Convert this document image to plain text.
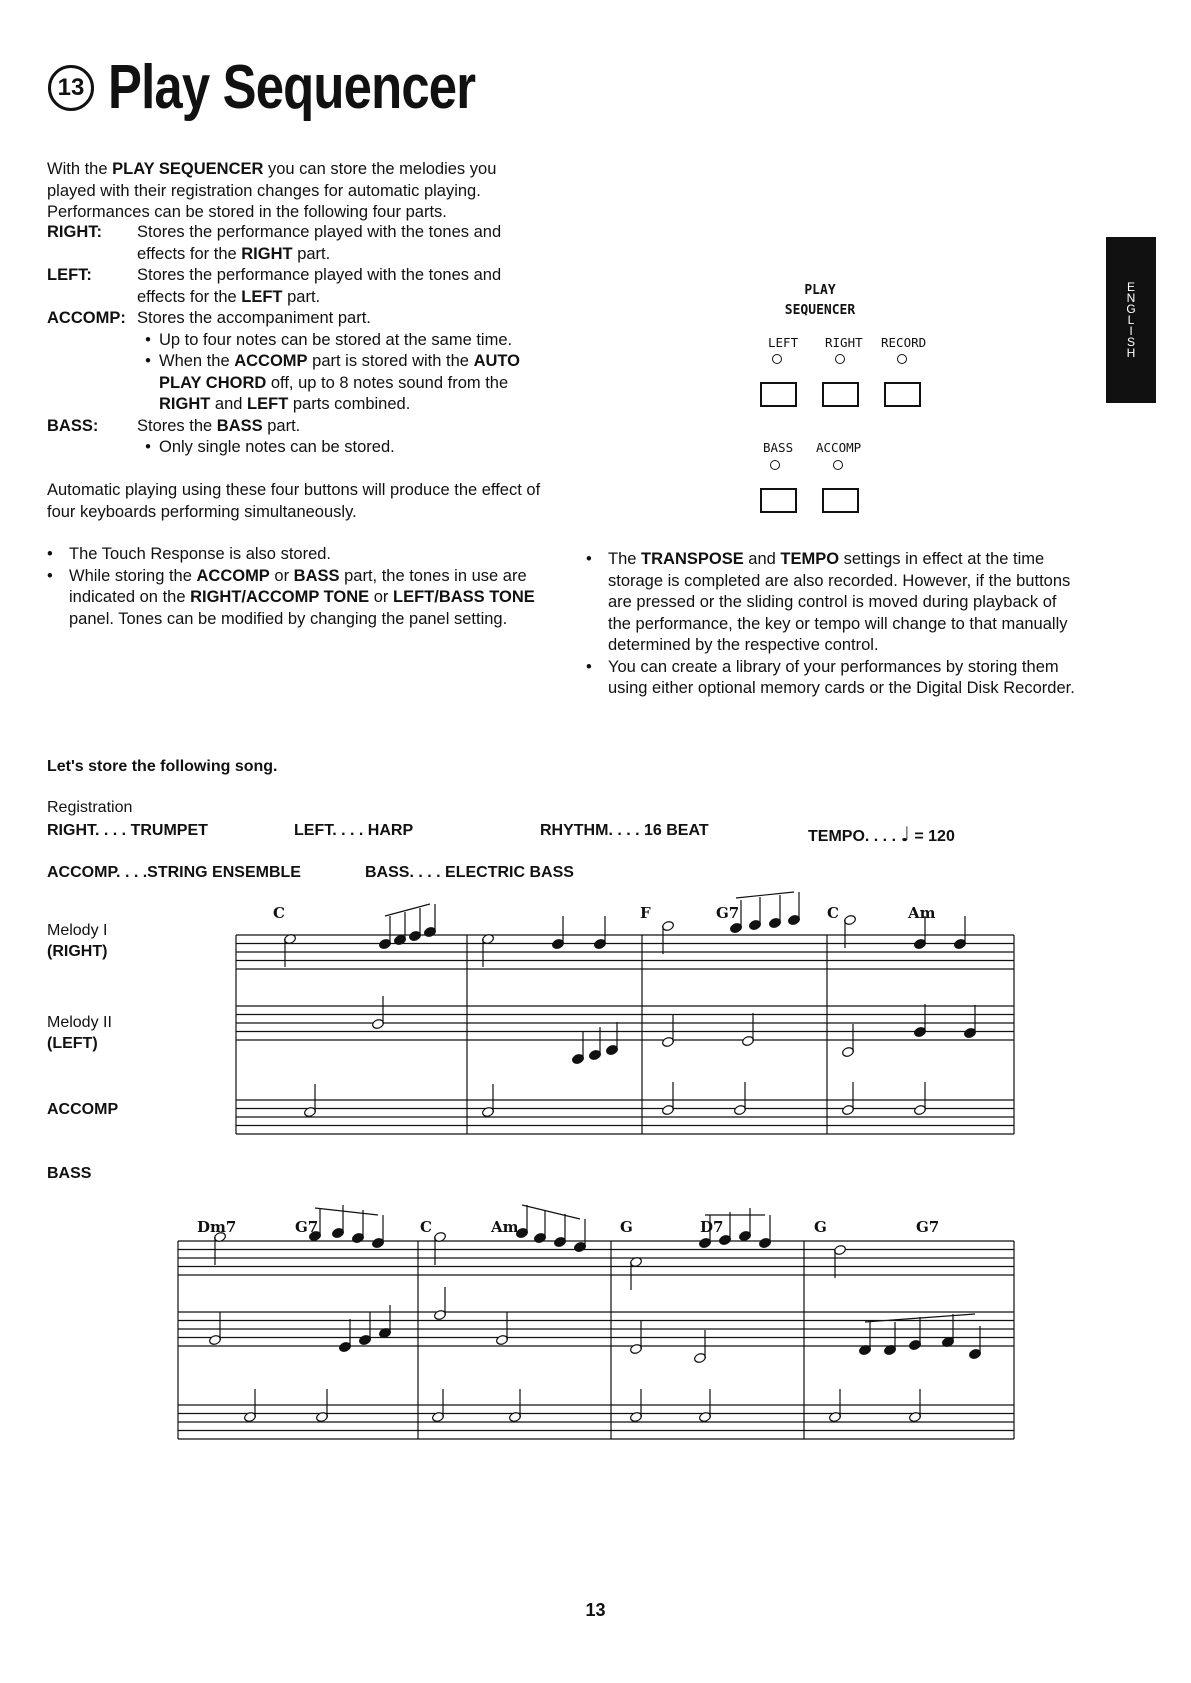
13 Play Sequencer
With the PLAY SEQUENCER you can store the melodies you played with their registration changes for automatic playing. Performances can be stored in the following four parts.
RIGHT:	Stores the performance played with the tones and effects for the RIGHT part.
LEFT:	Stores the performance played with the tones and effects for the LEFT part.
ACCOMP: Stores the accompaniment part.
• Up to four notes can be stored at the same time.
• When the ACCOMP part is stored with the AUTO PLAY CHORD off, up to 8 notes sound from the RIGHT and LEFT parts combined.
BASS:	Stores the BASS part.
• Only single notes can be stored.
Automatic playing using these four buttons will produce the effect of four keyboards performing simultaneously.
• The Touch Response is also stored.
• While storing the ACCOMP or BASS part, the tones in use are indicated on the RIGHT/ACCOMP TONE or LEFT/BASS TONE panel. Tones can be modified by changing the panel setting.
• The TRANSPOSE and TEMPO settings in effect at the time storage is completed are also recorded. However, if the buttons are pressed or the sliding control is moved during playback of the performance, the key or tempo will change to that manually determined by the respective control.
• You can create a library of your performances by storing them using either optional memory cards or the Digital Disk Recorder.
PLAY
SEQUENCER
LEFT RIGHT RECORD
BASS ACCOMP
E
N
G
L
I
S
H
Let's store the following song.
Registration
RIGHT. . . . TRUMPET	LEFT. . . . HARP	RHYTHM. . . . 16 BEAT	TEMPO. . . . ♩ = 120
ACCOMP. . . .STRING ENSEMBLE	BASS. . . . ELECTRIC BASS
Melody I
(RIGHT)
Melody II
(LEFT)
ACCOMP
BASS
C	F	G7	C	Am
Dm7	G7	C	Am	G	D7	G	G7
13
